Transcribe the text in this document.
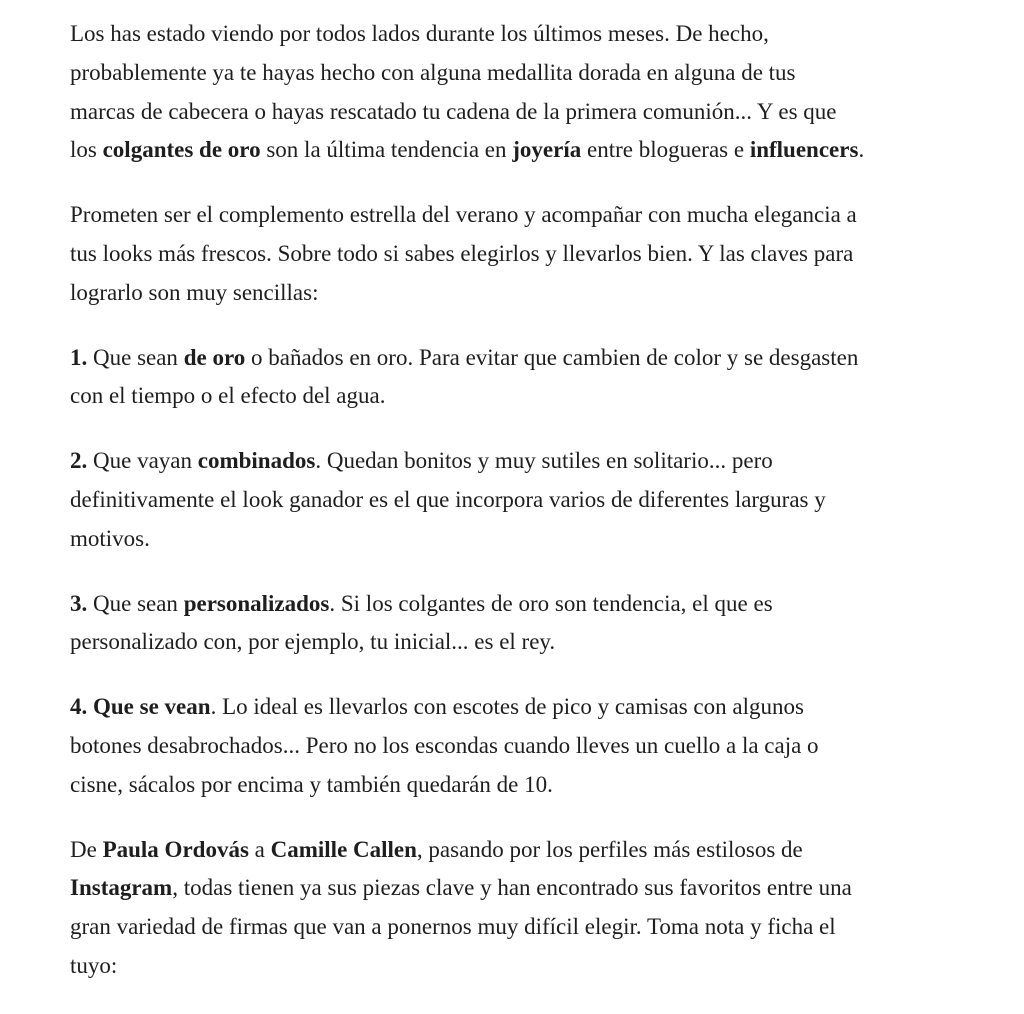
Los has estado viendo por todos lados durante los últimos meses. De hecho,
probablemente ya te hayas hecho con alguna medallita dorada en alguna de tus
marcas de cabecera o hayas rescatado tu cadena de la primera comunión... Y es que
los colgantes de oro son la última tendencia en joyería entre blogueras e influencers.

Prometen ser el complemento estrella del verano y acompañar con mucha elegancia a
tus looks más frescos. Sobre todo si sabes elegirlos y llevarlos bien. Y las claves para
lograrlo son muy sencillas:

1. Que sean de oro o bañados en oro. Para evitar que cambien de color y se desgasten
con el tiempo o el efecto del agua.

2. Que vayan combinados. Quedan bonitos y muy sutiles en solitario... pero
definitivamente el look ganador es el que incorpora varios de diferentes larguras y
motivos.

3. Que sean personalizados. Si los colgantes de oro son tendencia, el que es
personalizado con, por ejemplo, tu inicial... es el rey.

4. Que se vean. Lo ideal es llevarlos con escotes de pico y camisas con algunos
botones desabrochados... Pero no los escondas cuando lleves un cuello a la caja o
cisne, sácalos por encima y también quedarán de 10.

De Paula Ordovás a Camille Callen, pasando por los perfiles más estilosos de
Instagram, todas tienen ya sus piezas clave y han encontrado sus favoritos entre una
gran variedad de firmas que van a ponernos muy difícil elegir. Toma nota y ficha el
tuyo:
